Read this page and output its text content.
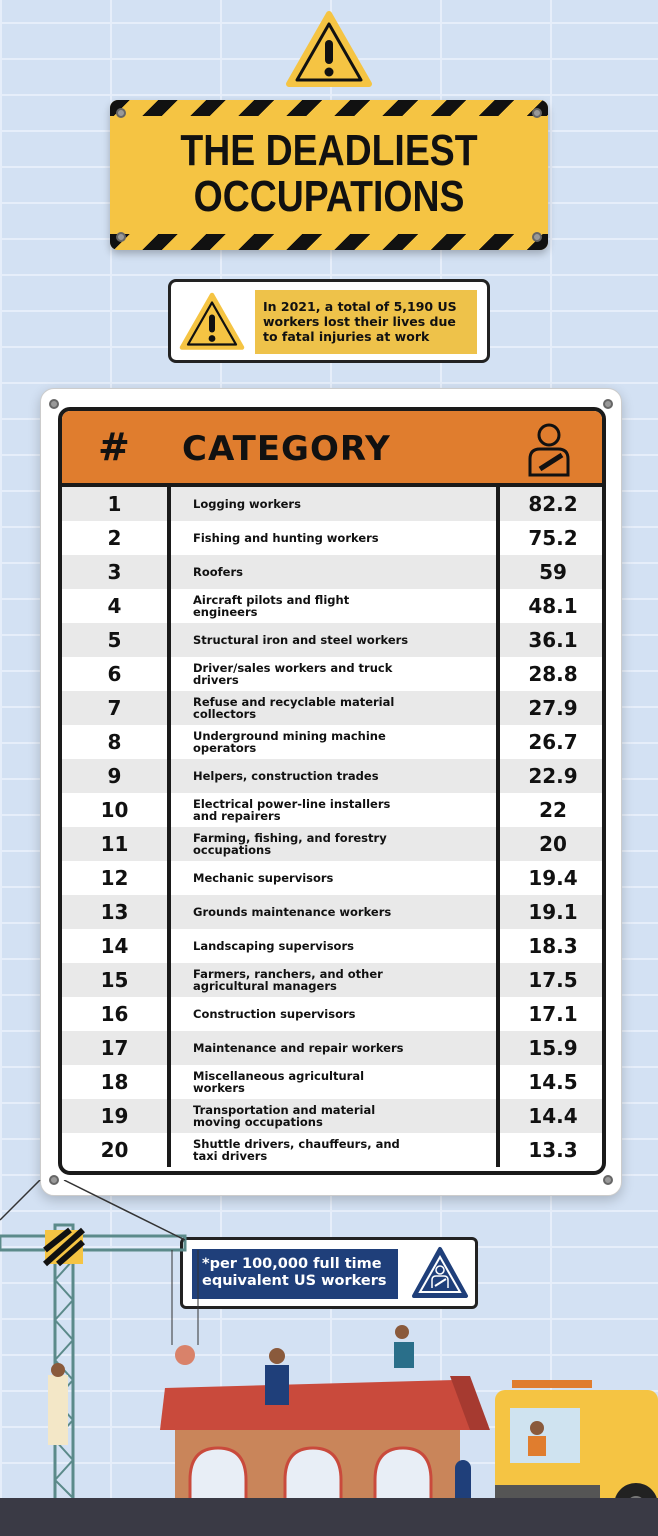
THE DEADLIEST
OCCUPATIONS
In 2021, a total of 5,190 US workers lost their lives due to fatal injuries at work
# CATEGORY
1	Logging workers	82.2
2	Fishing and hunting workers	75.2
3	Roofers	59
4	Aircraft pilots and flight engineers	48.1
5	Structural iron and steel workers	36.1
6	Driver/sales workers and truck drivers	28.8
7	Refuse and recyclable material collectors	27.9
8	Underground mining machine operators	26.7
9	Helpers, construction trades	22.9
10	Electrical power-line installers and repairers	22
11	Farming, fishing, and forestry occupations	20
12	Mechanic supervisors	19.4
13	Grounds maintenance workers	19.1
14	Landscaping supervisors	18.3
15	Farmers, ranchers, and other agricultural managers	17.5
16	Construction supervisors	17.1
17	Maintenance and repair workers	15.9
18	Miscellaneous agricultural workers	14.5
19	Transportation and material moving occupations	14.4
20	Shuttle drivers, chauffeurs, and taxi drivers	13.3
*per 100,000 full time equivalent US workers
